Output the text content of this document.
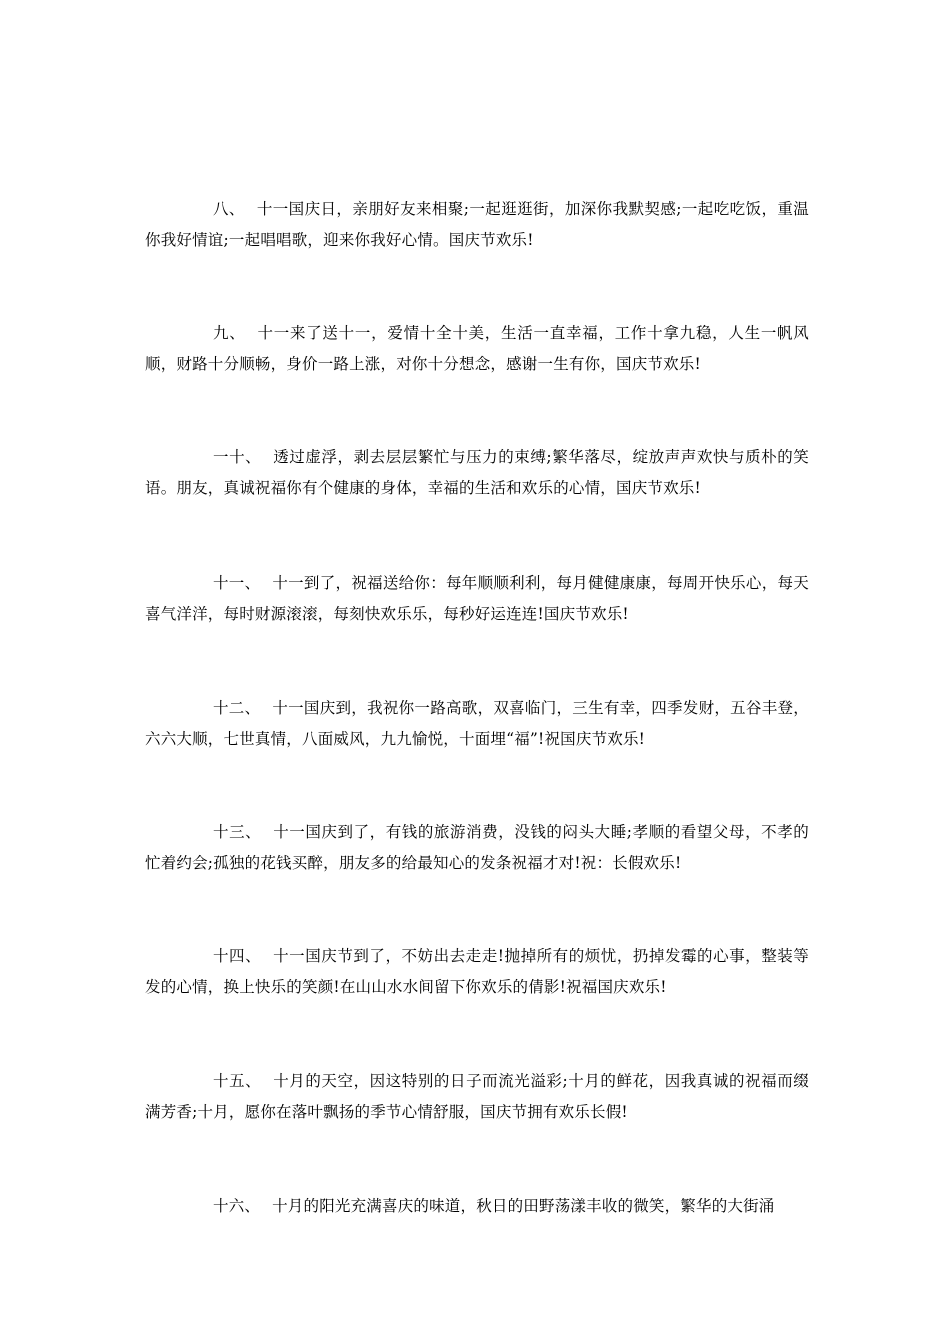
八、 十一国庆日，亲朋好友来相聚;一起逛逛街，加深你我默契感;一起吃吃饭，重温你我好情谊;一起唱唱歌，迎来你我好心情。国庆节欢乐!

九、 十一来了送十一，爱情十全十美，生活一直幸福，工作十拿九稳，人生一帆风顺，财路十分顺畅，身价一路上涨，对你十分想念，感谢一生有你，国庆节欢乐!

一十、 透过虚浮，剥去层层繁忙与压力的束缚;繁华落尽，绽放声声欢快与质朴的笑语。朋友，真诚祝福你有个健康的身体，幸福的生活和欢乐的心情，国庆节欢乐!

十一、 十一到了，祝福送给你：每年顺顺利利，每月健健康康，每周开快乐心，每天喜气洋洋，每时财源滚滚，每刻快欢乐乐，每秒好运连连!国庆节欢乐!

十二、 十一国庆到，我祝你一路高歌，双喜临门，三生有幸，四季发财，五谷丰登，六六大顺，七世真情，八面威风，九九愉悦，十面埋“福”!祝国庆节欢乐!

十三、 十一国庆到了，有钱的旅游消费，没钱的闷头大睡;孝顺的看望父母，不孝的忙着约会;孤独的花钱买醉，朋友多的给最知心的发条祝福才对!祝：长假欢乐!

十四、 十一国庆节到了，不妨出去走走!抛掉所有的烦忧，扔掉发霉的心事，整装等发的心情，换上快乐的笑颜!在山山水水间留下你欢乐的倩影!祝福国庆欢乐!

十五、 十月的天空，因这特别的日子而流光溢彩;十月的鲜花，因我真诚的祝福而缀满芳香;十月，愿你在落叶飘扬的季节心情舒服，国庆节拥有欢乐长假!

十六、 十月的阳光充满喜庆的味道，秋日的田野荡漾丰收的微笑，繁华的大街涌
